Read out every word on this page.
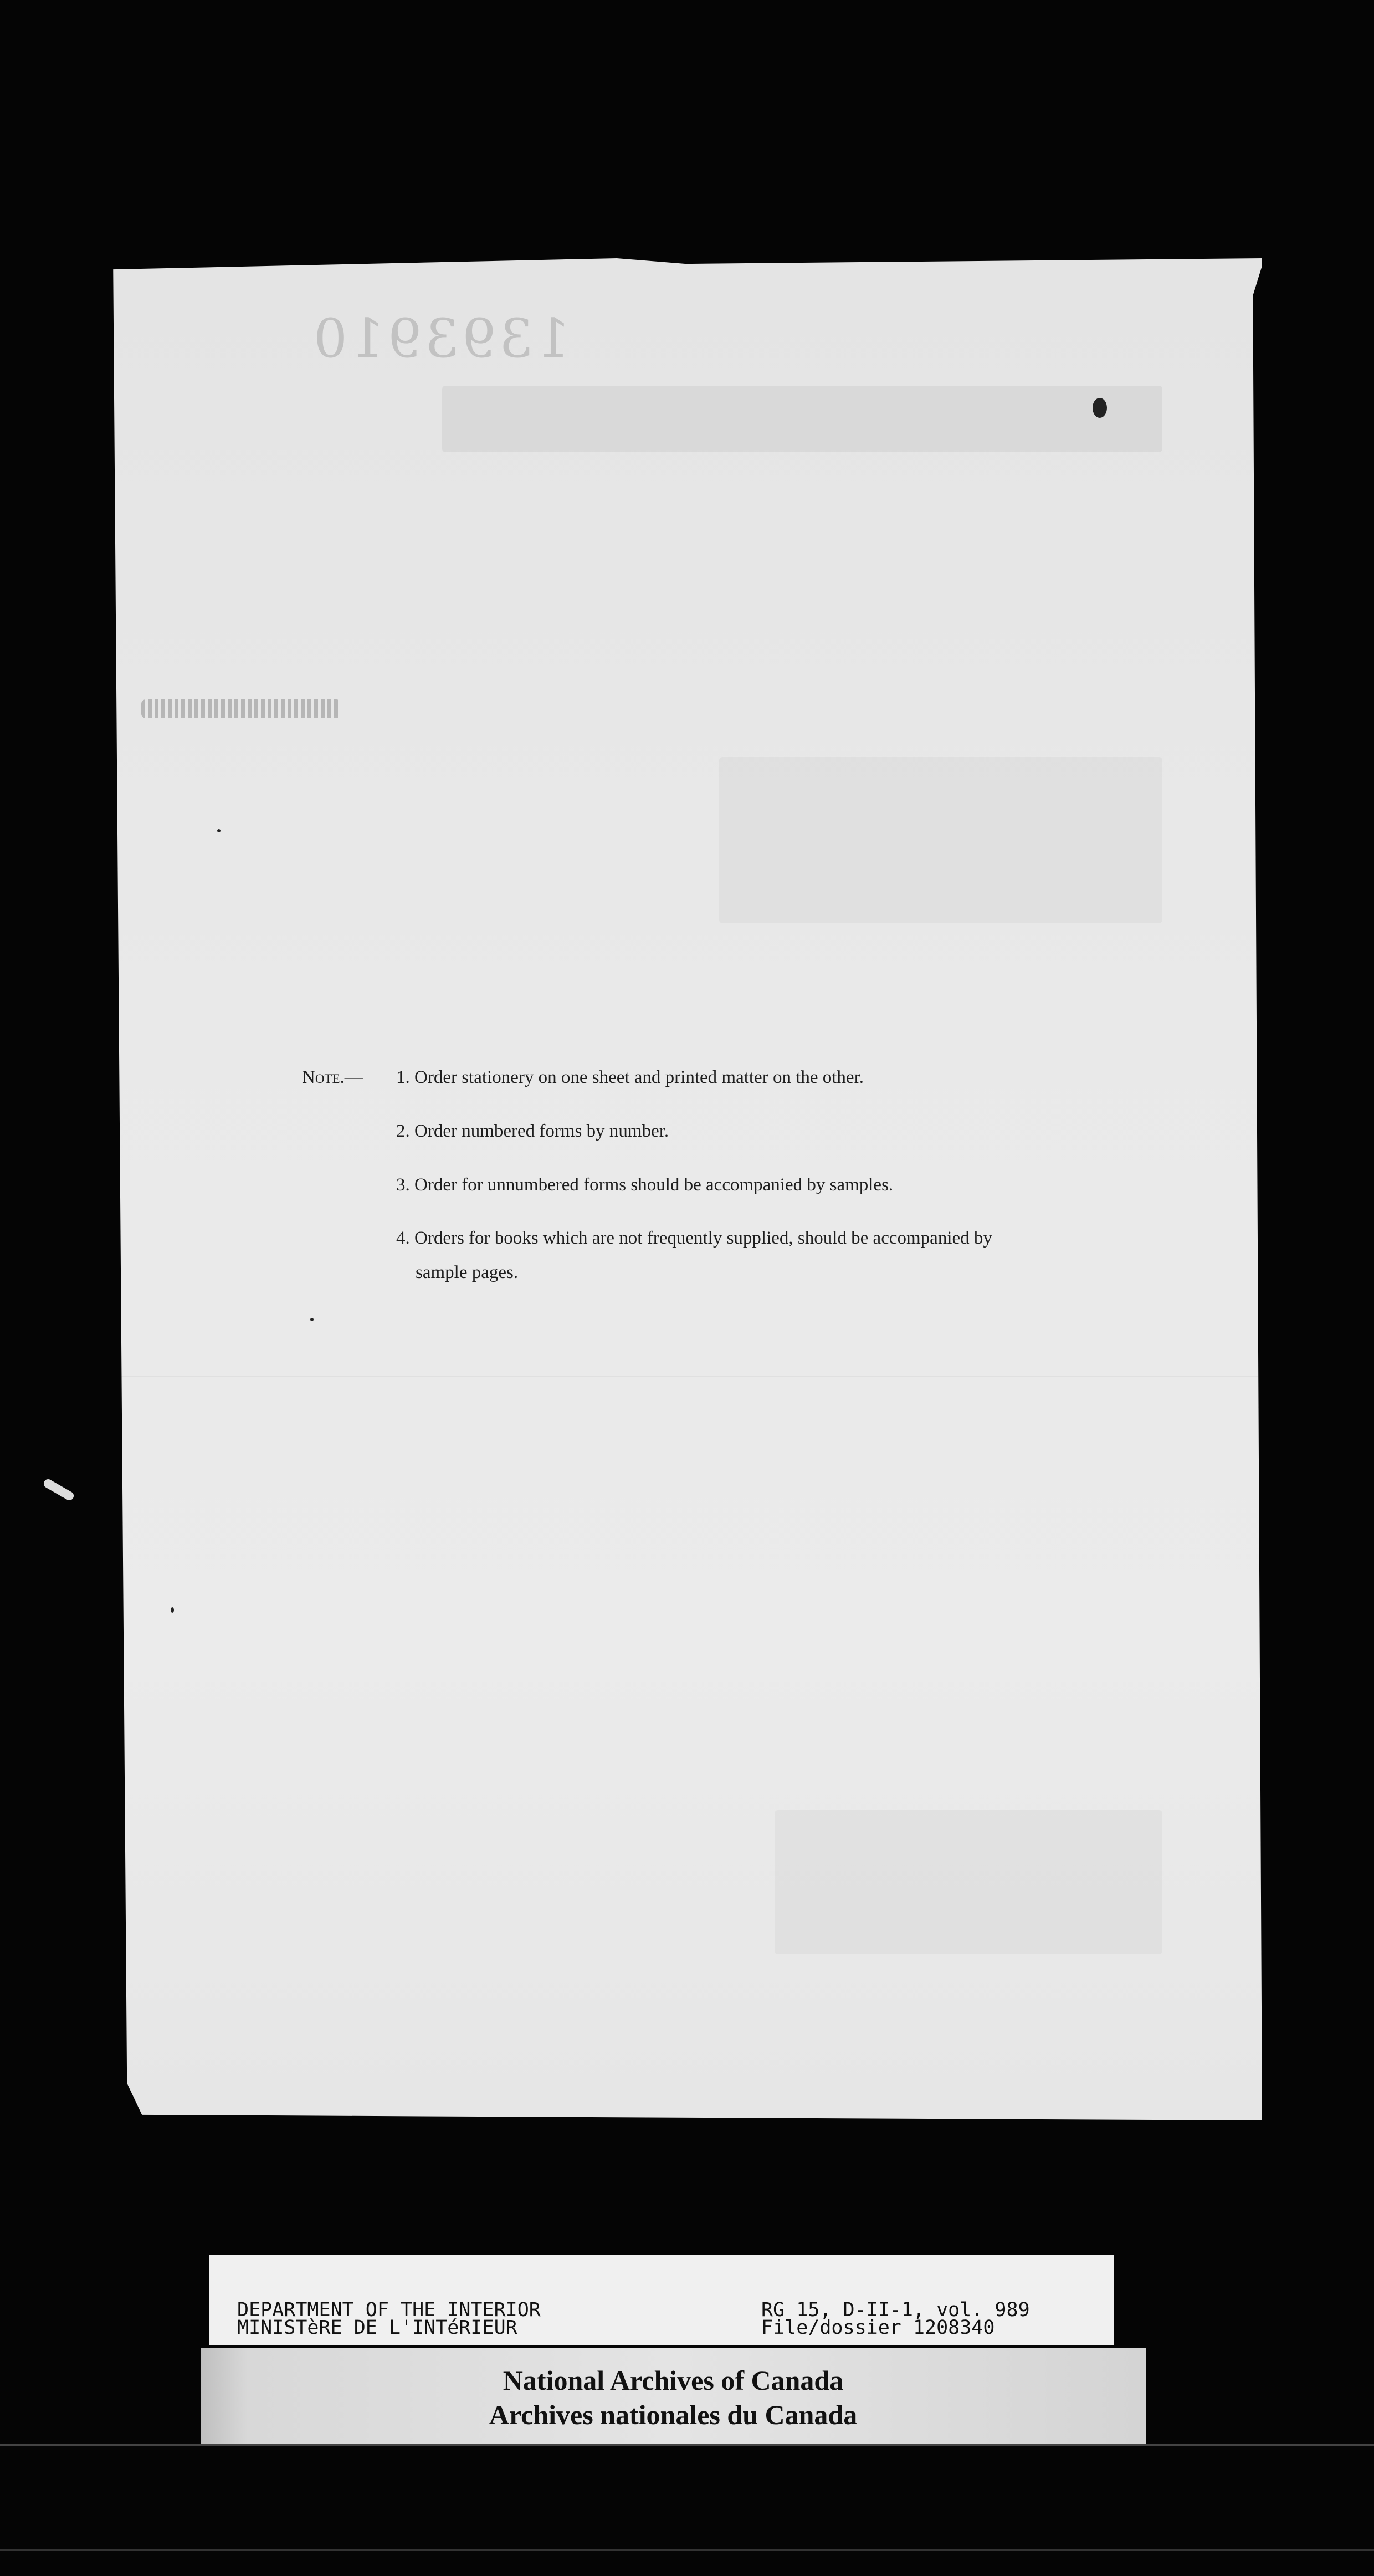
1393910
Note.— 1. Order stationery on one sheet and printed matter on the other.
2. Order numbered forms by number.
3. Order for unnumbered forms should be accompanied by samples.
4. Orders for books which are not frequently supplied, should be accompanied by
sample pages.
DEPARTMENT OF THE INTERIOR
MINISTèRE DE L'INTéRIEUR
RG 15, D-II-1, vol. 989
File/dossier 1208340
National Archives of Canada
Archives nationales du Canada
